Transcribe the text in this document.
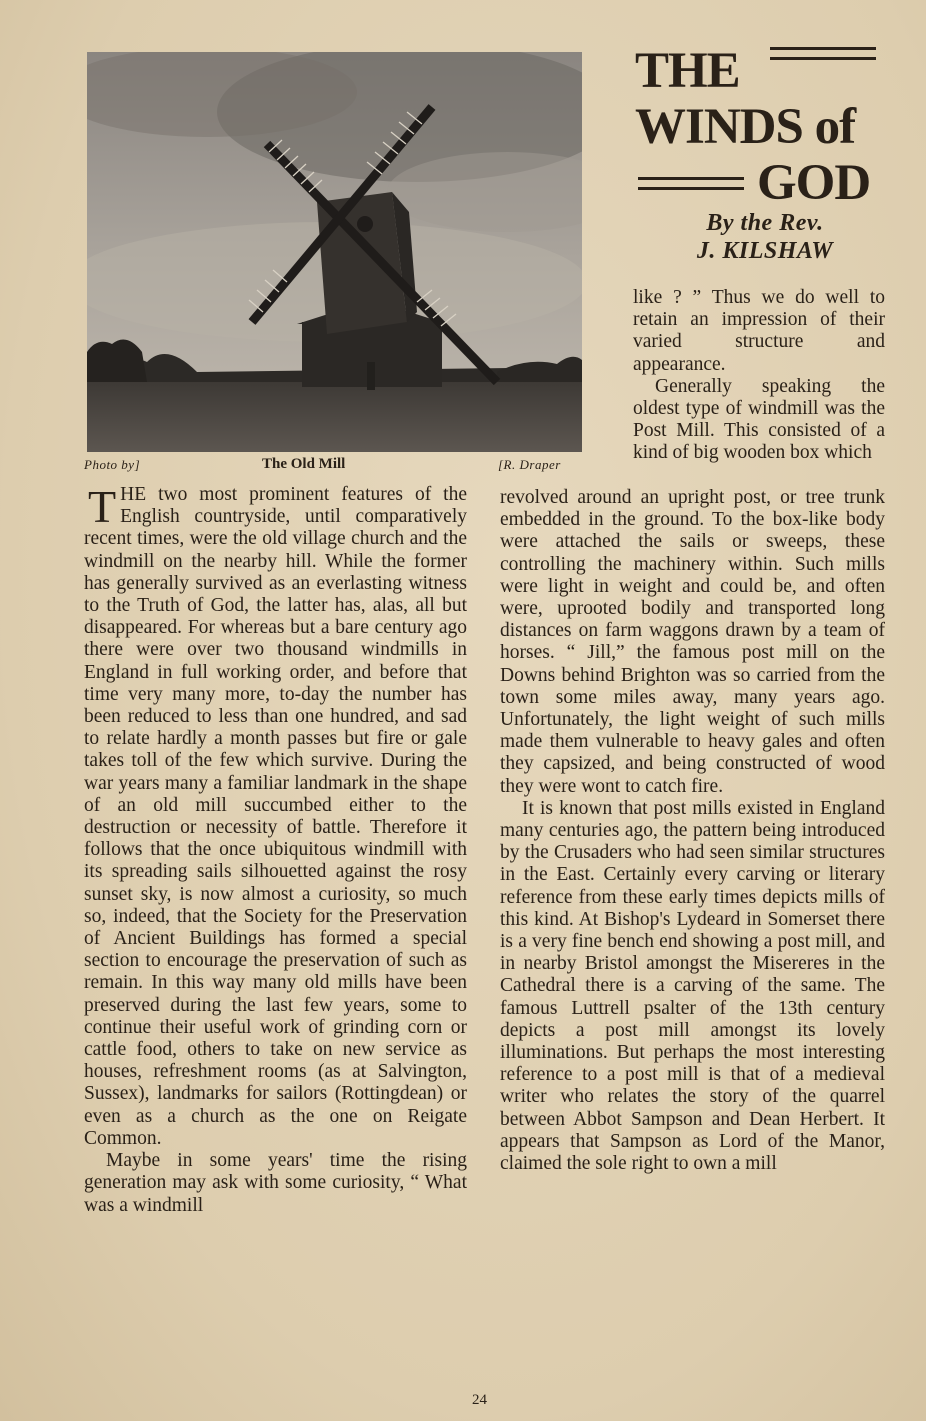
Photo by]	The Old Mill	[R. Draper
THE
WINDS of
GOD
By the Rev.
J. KILSHAW

like ? ” Thus we do well to retain an impression of their varied structure and appearance.

Generally speaking the oldest type of windmill was the Post Mill. This consisted of a kind of big wooden box which

THE two most prominent features of the English countryside, until comparatively recent times, were the old village church and the windmill on the nearby hill. While the former has generally survived as an everlasting witness to the Truth of God, the latter has, alas, all but disappeared. For whereas but a bare century ago there were over two thousand windmills in England in full working order, and before that time very many more, to-day the number has been reduced to less than one hundred, and sad to relate hardly a month passes but fire or gale takes toll of the few which survive. During the war years many a familiar landmark in the shape of an old mill succumbed either to the destruction or necessity of battle. Therefore it follows that the once ubiquitous windmill with its spreading sails silhouetted against the rosy sunset sky, is now almost a curiosity, so much so, indeed, that the Society for the Preservation of Ancient Buildings has formed a special section to encourage the preservation of such as remain. In this way many old mills have been preserved during the last few years, some to continue their useful work of grinding corn or cattle food, others to take on new service as houses, refreshment rooms (as at Salvington, Sussex), landmarks for sailors (Rottingdean) or even as a church as the one on Reigate Common.

Maybe in some years' time the rising generation may ask with some curiosity, “ What was a windmill

revolved around an upright post, or tree trunk embedded in the ground. To the box-like body were attached the sails or sweeps, these controlling the machinery within. Such mills were light in weight and could be, and often were, uprooted bodily and transported long distances on farm waggons drawn by a team of horses. “ Jill,” the famous post mill on the Downs behind Brighton was so carried from the town some miles away, many years ago. Unfortunately, the light weight of such mills made them vulnerable to heavy gales and often they capsized, and being constructed of wood they were wont to catch fire.

It is known that post mills existed in England many centuries ago, the pattern being introduced by the Crusaders who had seen similar structures in the East. Certainly every carving or literary reference from these early times depicts mills of this kind. At Bishop's Lydeard in Somerset there is a very fine bench end showing a post mill, and in nearby Bristol amongst the Misereres in the Cathedral there is a carving of the same. The famous Luttrell psalter of the 13th century depicts a post mill amongst its lovely illuminations. But perhaps the most interesting reference to a post mill is that of a medieval writer who relates the story of the quarrel between Abbot Sampson and Dean Herbert. It appears that Sampson as Lord of the Manor, claimed the sole right to own a mill

24
